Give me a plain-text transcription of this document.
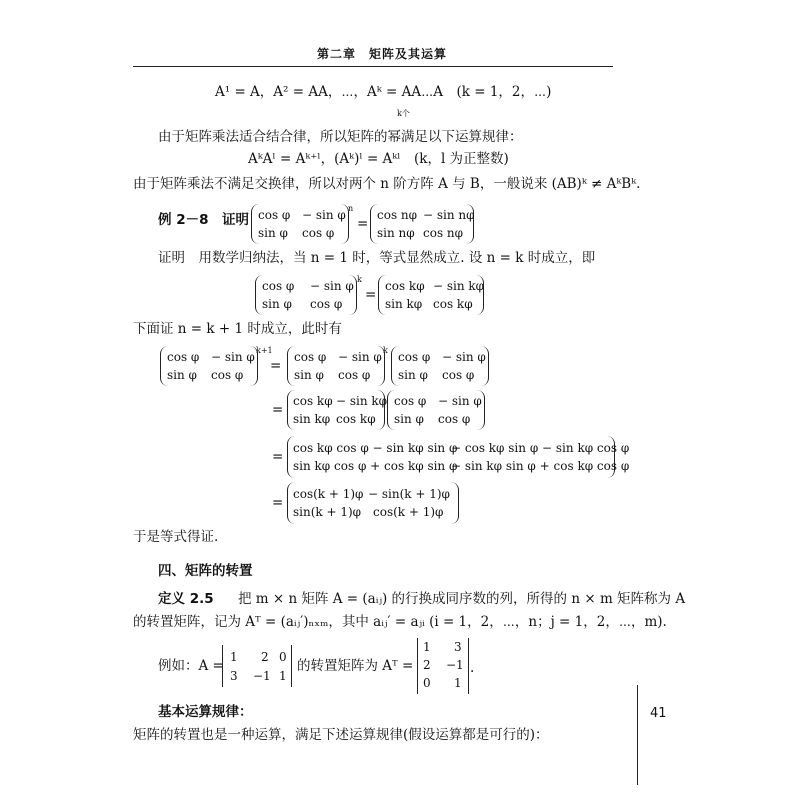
第二章　矩阵及其运算
A¹ = A，A² = AA，⋯，Aᵏ = AA⋯A　(k = 1，2，⋯)
k个
由于矩阵乘法适合结合律，所以矩阵的幂满足以下运算规律：
AᵏAˡ = Aᵏ⁺ˡ，(Aᵏ)ˡ = Aᵏˡ　(k，l 为正整数)
由于矩阵乘法不满足交换律，所以对两个 n 阶方阵 A 与 B，一般说来 (AB)ᵏ ≠ AᵏBᵏ.
例 2－8　证明 cos φ − sin φ
sin φ cos φ
n
=
cos nφ − sin nφ
sin nφ cos nφ
证明　用数学归纳法，当 n = 1 时，等式显然成立. 设 n = k 时成立，即
cos φ − sin φ
sin φ cos φ
k
=
cos kφ − sin kφ
sin kφ cos kφ
下面证 n = k + 1 时成立，此时有
cos φ − sin φ
sin φ cos φ
k+1
=
cos φ − sin φ
sin φ cos φ
k cos φ − sin φ
sin φ cos φ
=
cos kφ − sin kφ
sin kφ cos kφ
cos φ − sin φ
sin φ cos φ
=
cos kφ cos φ − sin kφ sin φ
− cos kφ sin φ − sin kφ cos φ
sin kφ cos φ + cos kφ sin φ
− sin kφ sin φ + cos kφ cos φ
=
cos(k + 1)φ − sin(k + 1)φ
sin(k + 1)φ cos(k + 1)φ
于是等式得证.
四、矩阵的转置
定义 2.5 把 m × n 矩阵 A = (aᵢⱼ) 的行换成同序数的列，所得的 n × m 矩阵称为 A
的转置矩阵，记为 Aᵀ = (aᵢⱼ′)ₙₓₘ，其中 aᵢⱼ′ = aⱼᵢ (i = 1，2，⋯，n；j = 1，2，⋯，m).
例如：A =
1 2 0
3 −1 1
的转置矩阵为 Aᵀ =
1 3
2 −1
0 1
.
基本运算规律：
矩阵的转置也是一种运算，满足下述运算规律(假设运算都是可行的)：
41
